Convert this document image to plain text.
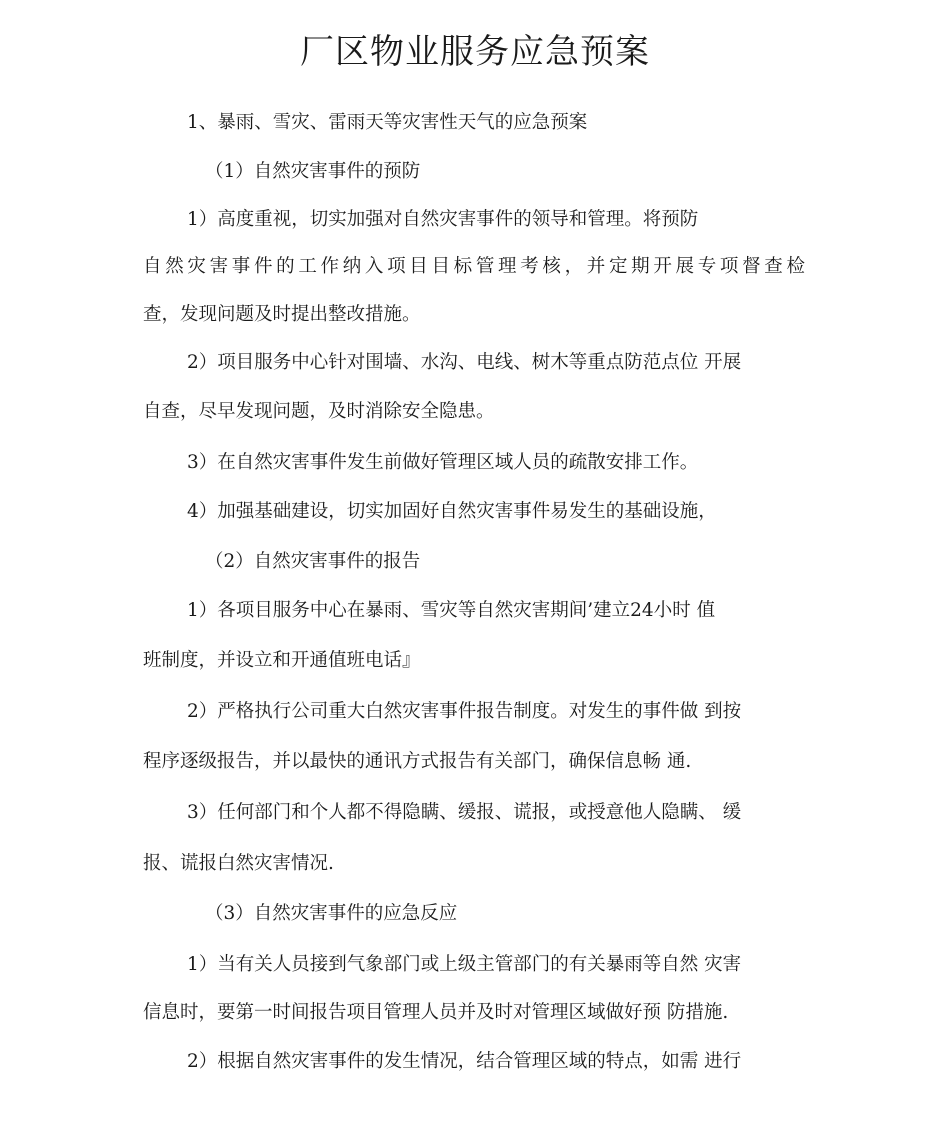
厂区物业服务应急预案
1、暴雨、雪灾、雷雨天等灾害性天气的应急预案
（1）自然灾害事件的预防
1）高度重视，切实加强对自然灾害事件的领导和管理。将预防
自然灾害事件的工作纳入项目目标管理考核，并定期开展专项督查检
查，发现问题及时提出整改措施。
2）项目服务中心针对围墙、水沟、电线、树木等重点防范点位 开展
自查，尽早发现问题，及时消除安全隐患。
3）在自然灾害事件发生前做好管理区域人员的疏散安排工作。
4）加强基础建设，切实加固好自然灾害事件易发生的基础设施，
（2）自然灾害事件的报告
1）各项目服务中心在暴雨、雪灾等自然灾害期间’建立24小时 值
班制度，并设立和开通值班电话』
2）严格执行公司重大白然灾害事件报告制度。对发生的事件做 到按
程序逐级报告，并以最快的通讯方式报告有关部门，确保信息畅 通.
3）任何部门和个人都不得隐瞒、缓报、谎报，或授意他人隐瞒、 缓
报、谎报白然灾害情况.
（3）自然灾害事件的应急反应
1）当有关人员接到气象部门或上级主管部门的有关暴雨等自然 灾害
信息时，要第一时间报告项目管理人员并及时对管理区域做好预 防措施.
2）根据自然灾害事件的发生情况，结合管理区域的特点，如需 进行
